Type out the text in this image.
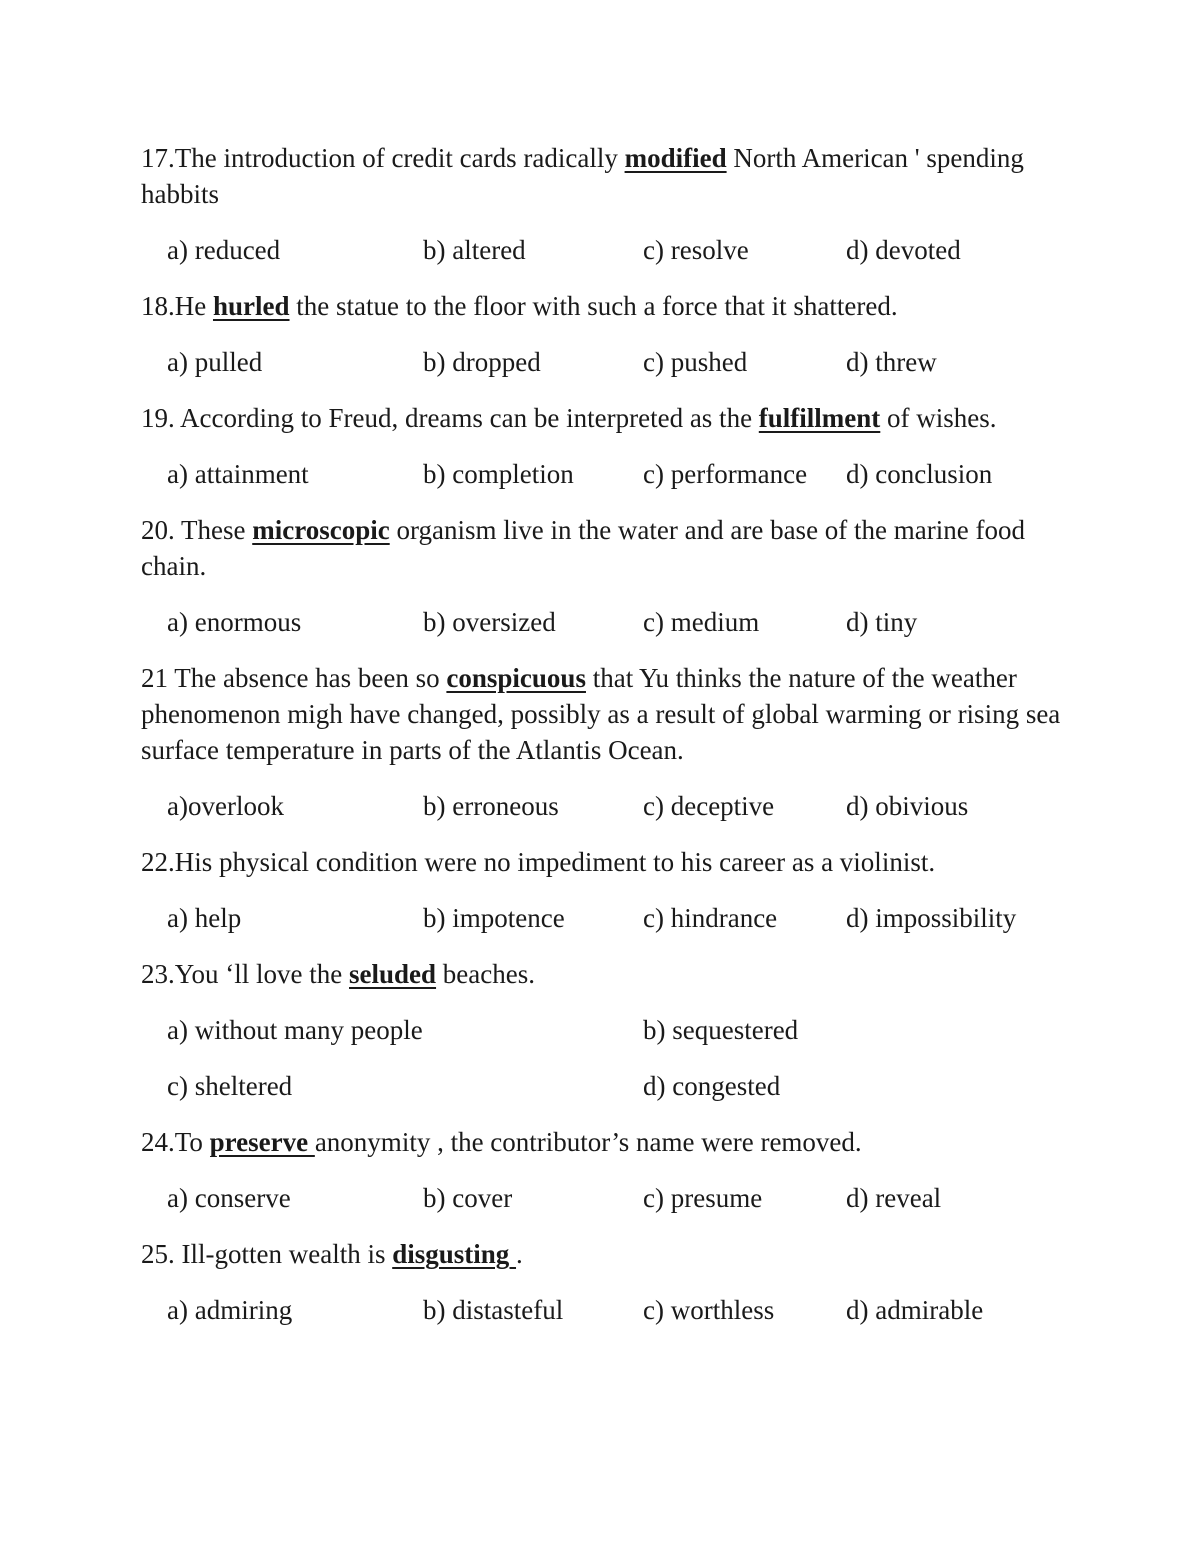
17.The introduction of credit cards radically modified North American ' spending
habbits
a) reduced	b) altered	c) resolve	d) devoted
18.He hurled the statue to the floor with such a force that it shattered.
a) pulled	b) dropped	c) pushed	d) threw
19. According to Freud, dreams can be interpreted as the fulfillment of wishes.
a) attainment	b) completion	c) performance d) conclusion
20. These microscopic organism live in the water and are base of the marine food
chain.
a) enormous	b) oversized	c) medium	d) tiny
21 The absence has been so conspicuous that Yu thinks the nature of the weather
phenomenon migh have changed, possibly as a result of global warming or rising sea
surface temperature in parts of the Atlantis Ocean.
a)overlook	b) erroneous	c) deceptive	d) obivious
22.His physical condition were no impediment to his career as a violinist.
a) help	b) impotence	c) hindrance	d) impossibility
23.You ‘ll love the seluded beaches.
a) without many people	b) sequestered
c) sheltered	d) congested
24.To preserve anonymity , the contributor’s name were removed.
a) conserve	b) cover	c) presume	d) reveal
25. Ill-gotten wealth is disgusting .
a) admiring	b) distasteful	c) worthless	d) admirable
